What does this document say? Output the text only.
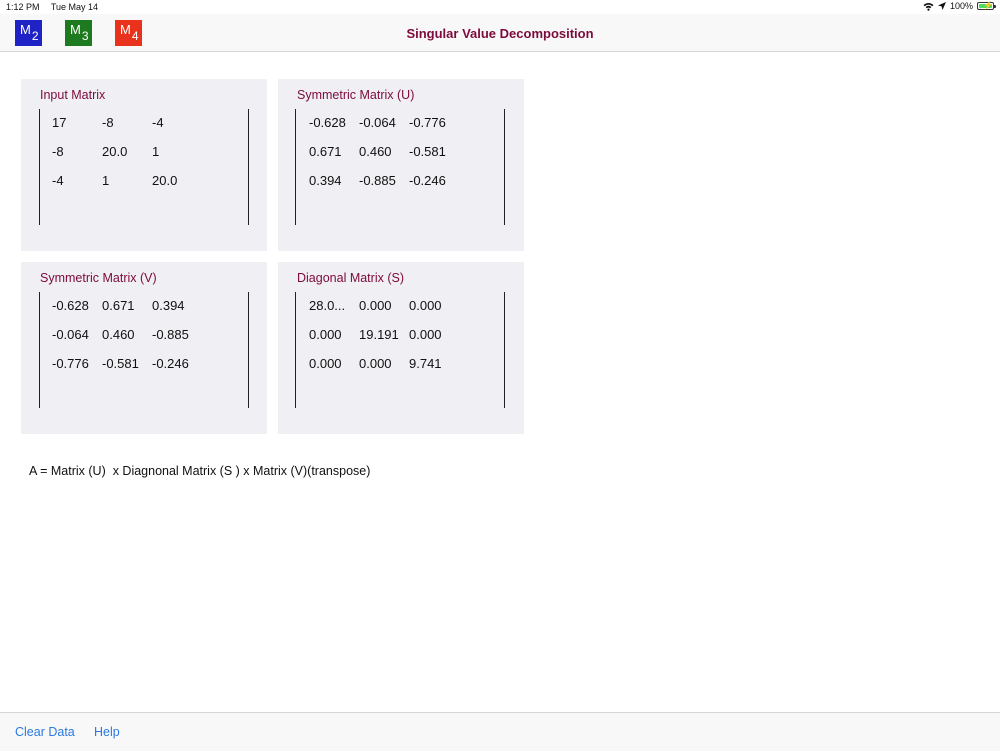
1:12 PM Tue May 14	100% ⚡
$M_2$	$M_3$	$M_4$	Singular Value Decomposition
Input Matrix
17	-8	-4
-8	20.0 1
-4	1	20.0
Symmetric Matrix (U)
-0.628 -0.064 -0.776
0.671 0.460 -0.581
0.394 -0.885 -0.246
Symmetric Matrix (V)
-0.628 0.671 0.394
-0.064 0.460 -0.885
-0.776 -0.581 -0.246
Diagonal Matrix (S)
28.0... 0.000 0.000
0.000 19.191 0.000
0.000 0.000 9.741
A = Matrix (U)  x Diagnonal Matrix (S ) x Matrix (V)(transpose)
Clear Data Help
